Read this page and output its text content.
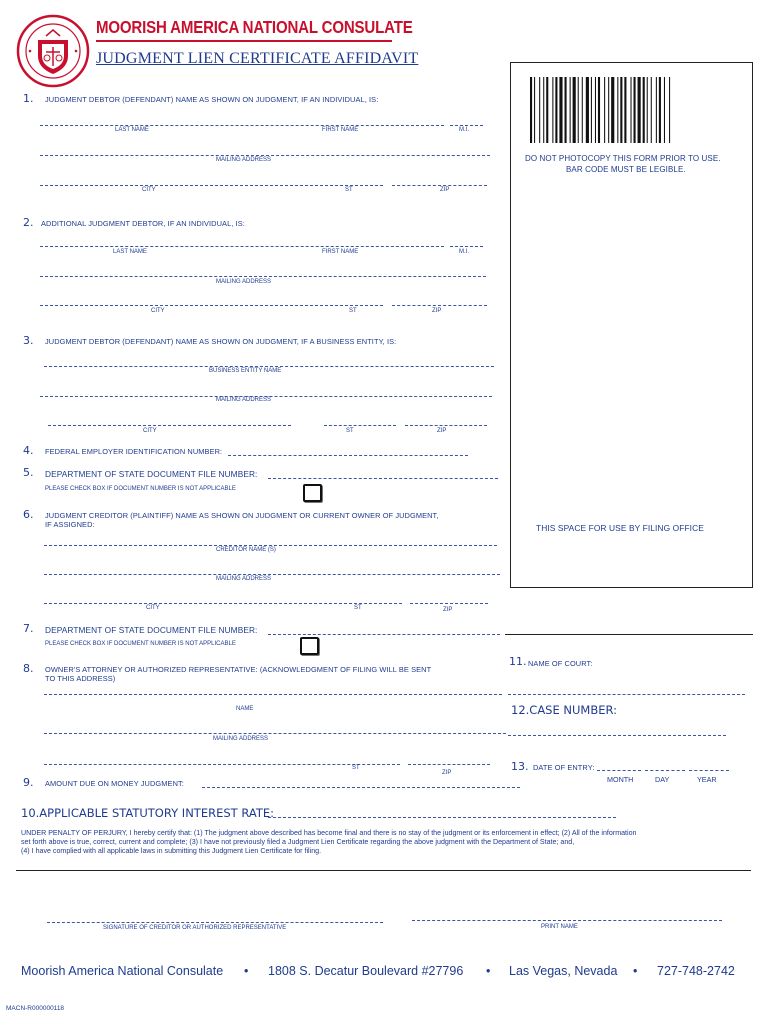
MOORISH AMERICA NATIONAL CONSULATE
JUDGMENT LIEN CERTIFICATE AFFIDAVIT
DO NOT PHOTOCOPY THIS FORM PRIOR TO USE.
BAR CODE MUST BE LEGIBLE.
THIS SPACE FOR USE BY FILING OFFICE
1. JUDGMENT DEBTOR (DEFENDANT) NAME AS SHOWN ON JUDGMENT, IF AN INDIVIDUAL, IS:
LAST NAME	FIRST NAME	M.I.
MAILING ADDRESS
CITY	ST	ZIP
2. ADDITIONAL JUDGMENT DEBTOR, IF AN INDIVIDUAL, IS:
LAST NAME	FIRST NAME	M.I.
MAILING ADDRESS
CITY	ST	ZIP
3. JUDGMENT DEBTOR (DEFENDANT) NAME AS SHOWN ON JUDGMENT, IF A BUSINESS ENTITY, IS:
BUSINESS ENTITY NAME
MAILING ADDRESS
CITY	ST	ZIP
4. FEDERAL EMPLOYER IDENTIFICATION NUMBER:
5. DEPARTMENT OF STATE DOCUMENT FILE NUMBER:
PLEASE CHECK BOX IF DOCUMENT NUMBER IS NOT APPLICABLE
6. JUDGMENT CREDITOR (PLAINTIFF) NAME AS SHOWN ON JUDGMENT OR CURRENT OWNER OF JUDGMENT,
IF ASSIGNED:
CREDITOR NAME (S)
MAILING ADDRESS
CITY	ST	ZIP
7. DEPARTMENT OF STATE DOCUMENT FILE NUMBER:
PLEASE CHECK BOX IF DOCUMENT NUMBER IS NOT APPLICABLE
8. OWNER'S ATTORNEY OR AUTHORIZED REPRESENTATIVE: (ACKNOWLEDGMENT OF FILING WILL BE SENT
TO THIS ADDRESS)
NAME
MAILING ADDRESS
ST
ZIP
9. AMOUNT DUE ON MONEY JUDGMENT:
11. NAME OF COURT:
12.CASE NUMBER:
13. DATE OF ENTRY:
MONTH	DAY	YEAR
10.APPLICABLE STATUTORY INTEREST RATE:
UNDER PENALTY OF PERJURY, I hereby certify that: (1) The judgment above described has become final and there is no stay of the judgment or its enforcement in effect; (2) All of the information
set forth above is true, correct, current and complete; (3) I have not previously filed a Judgment Lien Certificate regarding the above judgment with the Department of State; and,
(4) I have complied with all applicable laws in submitting this Judgment Lien Certificate for filing.
SIGNATURE OF CREDITOR OR AUTHORIZED REPRESENTATIVE	PRINT NAME
Moorish America National Consulate • 1808 S. Decatur Boulevard #27796 • Las Vegas, Nevada • 727-748-2742
MACN-R000000118
